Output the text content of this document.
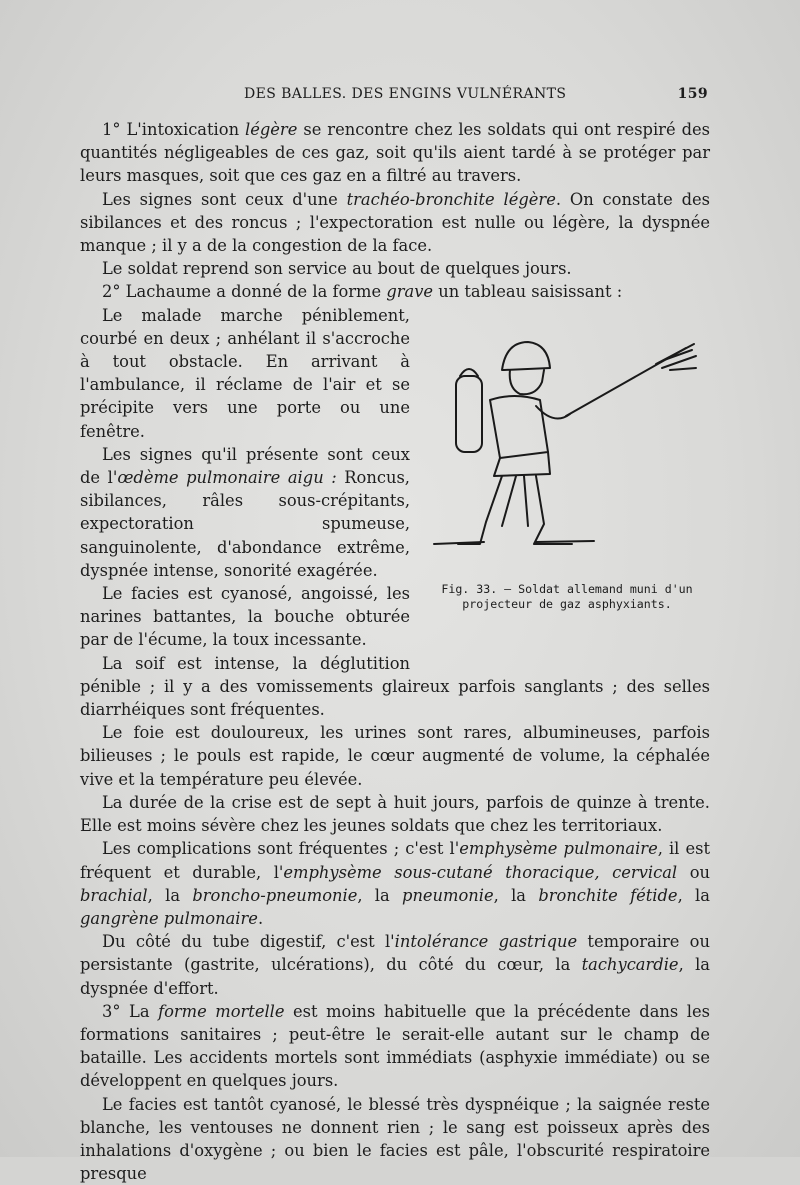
DES BALLES. DES ENGINS VULNÉRANTS	159

1° L'intoxication légère se rencontre chez les soldats qui ont respiré des quantités négligeables de ces gaz, soit qu'ils aient tardé à se protéger par leurs masques, soit que ces gaz en a filtré au travers.

Les signes sont ceux d'une trachéo-bronchite légère. On constate des sibilances et des roncus ; l'expectoration est nulle ou légère, la dyspnée manque ; il y a de la congestion de la face.

Le soldat reprend son service au bout de quelques jours.

2° Lachaume a donné de la forme grave un tableau saisissant :

Fig. 33. — Soldat allemand muni d'un
projecteur de gaz asphyxiants.

Le malade marche péniblement, courbé en deux ; anhélant il s'accroche à tout obstacle. En arrivant à l'ambulance, il réclame de l'air et se précipite vers une porte ou une fenêtre.

Les signes qu'il présente sont ceux de l'œdème pulmonaire aigu : Roncus, sibilances, râles sous-crépitants, expectoration spumeuse, sanguinolente, d'abondance extrême, dyspnée intense, sonorité exagérée.

Le facies est cyanosé, angoissé, les narines battantes, la bouche obturée par de l'écume, la toux incessante.

La soif est intense, la déglutition pénible ; il y a des vomissements glaireux parfois sanglants ; des selles diarrhéiques sont fréquentes.

Le foie est douloureux, les urines sont rares, albumineuses, parfois bilieuses ; le pouls est rapide, le cœur augmenté de volume, la céphalée vive et la température peu élevée.

La durée de la crise est de sept à huit jours, parfois de quinze à trente. Elle est moins sévère chez les jeunes soldats que chez les territoriaux.

Les complications sont fréquentes ; c'est l'emphysème pulmonaire, il est fréquent et durable, l'emphysème sous-cutané thoracique, cervical ou brachial, la broncho-pneumonie, la pneumonie, la bronchite fétide, la gangrène pulmonaire.

Du côté du tube digestif, c'est l'intolérance gastrique temporaire ou persistante (gastrite, ulcérations), du côté du cœur, la tachycardie, la dyspnée d'effort.

3° La forme mortelle est moins habituelle que la précédente dans les formations sanitaires ; peut-être le serait-elle autant sur le champ de bataille. Les accidents mortels sont immédiats (asphyxie immédiate) ou se développent en quelques jours.

Le facies est tantôt cyanosé, le blessé très dyspnéique ; la saignée reste blanche, les ventouses ne donnent rien ; le sang est poisseux après des inhalations d'oxygène ; ou bien le facies est pâle, l'obscurité respiratoire presque
